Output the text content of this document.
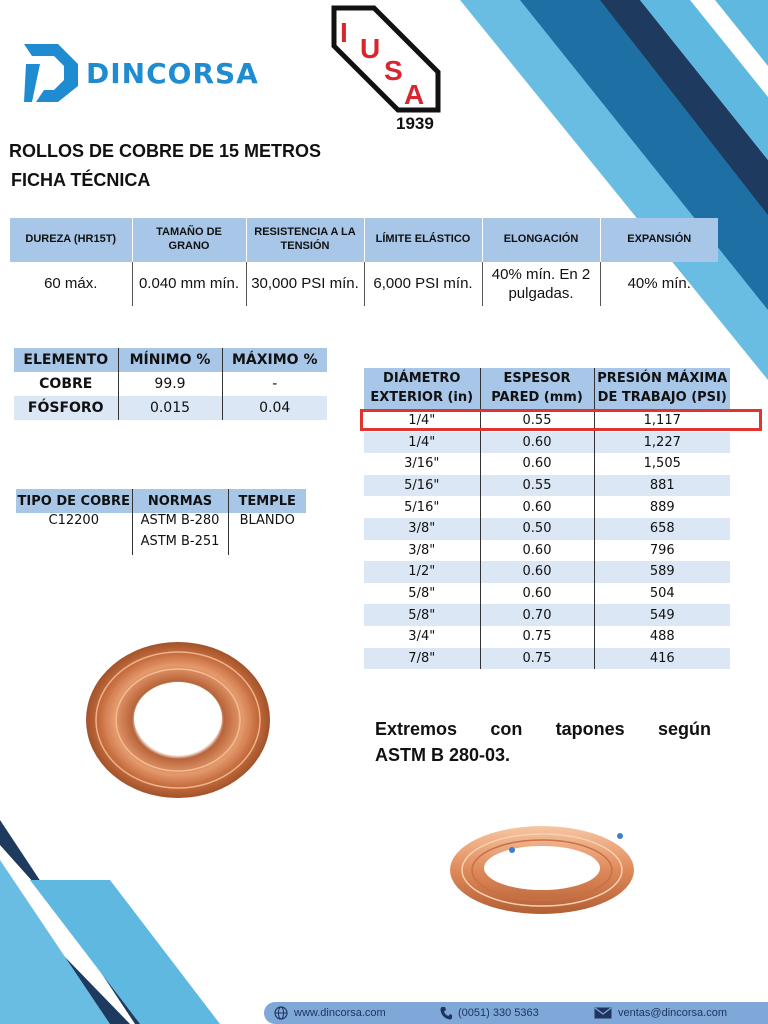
DINCORSA
I
U
S
A
1939
ROLLOS DE COBRE DE 15 METROS
FICHA TÉCNICA
DUREZA (HR15T)	TAMAÑO DE GRANO	RESISTENCIA A LA TENSIÓN	LÍMITE ELÁSTICO	ELONGACIÓN	EXPANSIÓN
60 máx.	0.040 mm mín.	30,000 PSI mín.	6,000 PSI mín.	40% mín. En 2 pulgadas.	40% mín.
ELEMENTO	MÍNIMO %	MÁXIMO %
COBRE	99.9	-
FÓSFORO	0.015	0.04
TIPO DE COBRE	NORMAS	TEMPLE
C12200	ASTM B-280	BLANDO
	ASTM B-251	
DIÁMETRO EXTERIOR (in)	ESPESOR PARED (mm)	PRESIÓN MÁXIMA DE TRABAJO (PSI)
1/4"	0.55	1,117
1/4"	0.60	1,227
3/16"	0.60	1,505
5/16"	0.55	881
5/16"	0.60	889
3/8"	0.50	658
3/8"	0.60	796
1/2"	0.60	589
5/8"	0.60	504
5/8"	0.70	549
3/4"	0.75	488
7/8"	0.75	416
Extremos con tapones según
ASTM B 280-03.
www.dincorsa.com	(0051) 330 5363	ventas@dincorsa.com
